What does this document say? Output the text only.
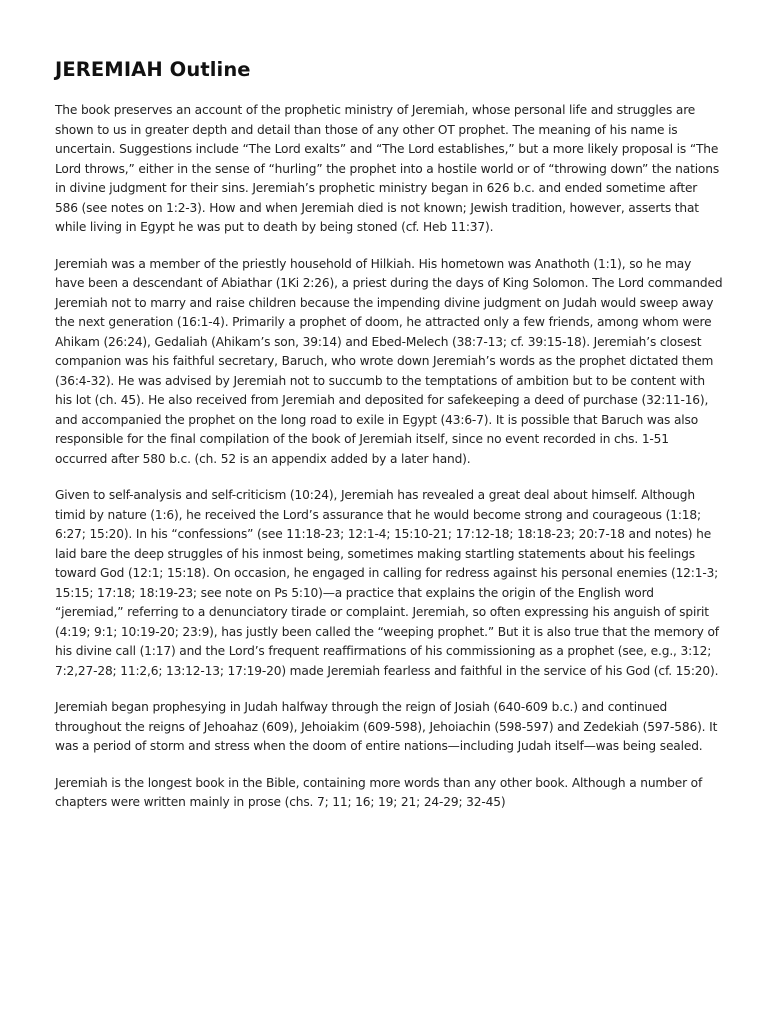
JEREMIAH Outline

The book preserves an account of the prophetic ministry of Jeremiah, whose personal life and struggles are shown to us in greater depth and detail than those of any other OT prophet. The meaning of his name is uncertain. Suggestions include “The Lord exalts” and “The Lord establishes,” but a more likely proposal is “The Lord throws,” either in the sense of “hurling” the prophet into a hostile world or of “throwing down” the nations in divine judgment for their sins. Jeremiah’s prophetic ministry began in 626 b.c. and ended sometime after 586 (see notes on 1:2-3). How and when Jeremiah died is not known; Jewish tradition, however, asserts that while living in Egypt he was put to death by being stoned (cf. Heb 11:37).

Jeremiah was a member of the priestly household of Hilkiah. His hometown was Anathoth (1:1), so he may have been a descendant of Abiathar (1Ki 2:26), a priest during the days of King Solomon. The Lord commanded Jeremiah not to marry and raise children because the impending divine judgment on Judah would sweep away the next generation (16:1-4). Primarily a prophet of doom, he attracted only a few friends, among whom were Ahikam (26:24), Gedaliah (Ahikam’s son, 39:14) and Ebed-Melech (38:7-13; cf. 39:15-18). Jeremiah’s closest companion was his faithful secretary, Baruch, who wrote down Jeremiah’s words as the prophet dictated them (36:4-32). He was advised by Jeremiah not to succumb to the temptations of ambition but to be content with his lot (ch. 45). He also received from Jeremiah and deposited for safekeeping a deed of purchase (32:11-16), and accompanied the prophet on the long road to exile in Egypt (43:6-7). It is possible that Baruch was also responsible for the final compilation of the book of Jeremiah itself, since no event recorded in chs. 1-51 occurred after 580 b.c. (ch. 52 is an appendix added by a later hand).

Given to self-analysis and self-criticism (10:24), Jeremiah has revealed a great deal about himself. Although timid by nature (1:6), he received the Lord’s assurance that he would become strong and courageous (1:18; 6:27; 15:20). In his “confessions” (see 11:18-23; 12:1-4; 15:10-21; 17:12-18; 18:18-23; 20:7-18 and notes) he laid bare the deep struggles of his inmost being, sometimes making startling statements about his feelings toward God (12:1; 15:18). On occasion, he engaged in calling for redress against his personal enemies (12:1-3; 15:15; 17:18; 18:19-23; see note on Ps 5:10)—a practice that explains the origin of the English word “jeremiad,” referring to a denunciatory tirade or complaint. Jeremiah, so often expressing his anguish of spirit (4:19; 9:1; 10:19-20; 23:9), has justly been called the “weeping prophet.” But it is also true that the memory of his divine call (1:17) and the Lord’s frequent reaffirmations of his commissioning as a prophet (see, e.g., 3:12; 7:2,27-28; 11:2,6; 13:12-13; 17:19-20) made Jeremiah fearless and faithful in the service of his God (cf. 15:20).

Jeremiah began prophesying in Judah halfway through the reign of Josiah (640-609 b.c.) and continued throughout the reigns of Jehoahaz (609), Jehoiakim (609-598), Jehoiachin (598-597) and Zedekiah (597-586). It was a period of storm and stress when the doom of entire nations—including Judah itself—was being sealed.

Jeremiah is the longest book in the Bible, containing more words than any other book. Although a number of chapters were written mainly in prose (chs. 7; 11; 16; 19; 21; 24-29; 32-45)
